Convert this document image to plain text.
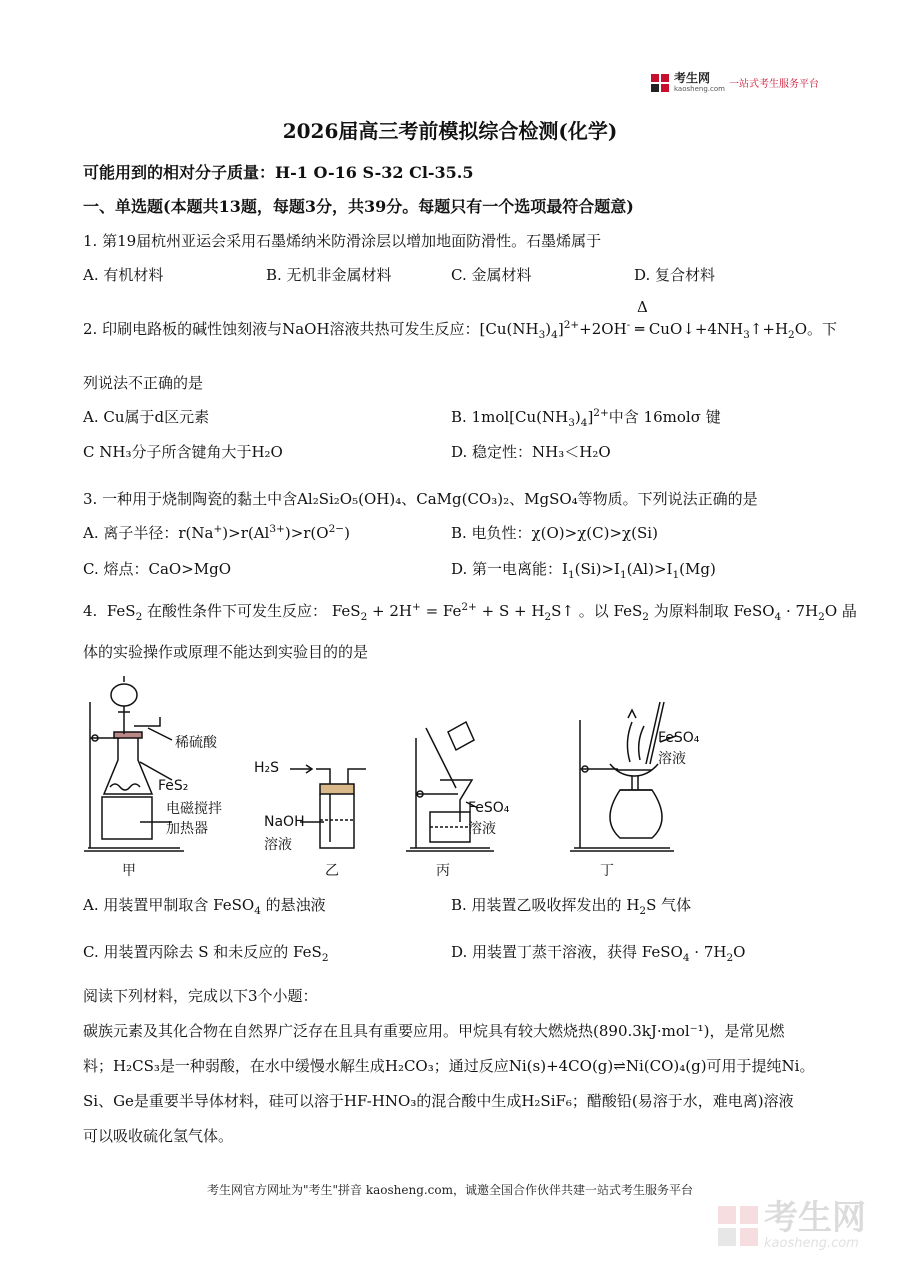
考生网
kaosheng.com 一站式考生服务平台
2026届高三考前模拟综合检测(化学)
可能用到的相对分子质量：H-1 O-16 S-32 Cl-35.5
一、单选题(本题共13题，每题3分，共39分。每题只有一个选项最符合题意)
1. 第19届杭州亚运会采用石墨烯纳米防滑涂层以增加地面防滑性。石墨烯属于
A. 有机材料	B. 无机非金属材料	C. 金属材料	D. 复合材料
2. 印刷电路板的碱性蚀刻液与NaOH溶液共热可发生反应：$[Cu(NH_3)_4]^{2+}+2OH^-$
Δ
═ $CuO↓+4NH_3↑+H_2O$。下
列说法不正确的是
A. Cu属于d区元素	B. $1mol[Cu(NH_3)_4]^{2+}$中含 16molσ 键
C NH₃分子所含键角大于H₂O	D. 稳定性：NH₃＜H₂O
3. 一种用于烧制陶瓷的黏土中含Al₂Si₂O₅(OH)₄、CaMg(CO₃)₂、MgSO₄等物质。下列说法正确的是
A. 离子半径：$r(Na^+)>r(Al^{3+})>r(O^{2-})$	B. 电负性：χ(O)>χ(C)>χ(Si)
C. 熔点：CaO>MgO	D. 第一电离能：$I_1(Si)>I_1(Al)>I_1(Mg)$
4.  FeS$_2$ 在酸性条件下可发生反应： $FeS_2 + 2H^+ = Fe^{2+} + S$ + $H_2S↑$ 。以 FeS$_2$ 为原料制取 FeSO$_4$ · $7H_2O$ 晶
体的实验操作或原理不能达到实验目的的是
稀硫酸
FeS₂
电磁搅拌
加热器
H₂S
NaOH
溶液
FeSO₄
溶液
FeSO₄
溶液
甲	乙	丙	丁
A. 用装置甲制取含 FeSO$_4$ 的悬浊液	B. 用装置乙吸收挥发出的 $H_2S$ 气体
C. 用装置丙除去 S 和未反应的 FeS$_2$	D. 用装置丁蒸干溶液，获得 FeSO$_4$ · $7H_2O$
阅读下列材料，完成以下3个小题：
碳族元素及其化合物在自然界广泛存在且具有重要应用。甲烷具有较大燃烧热(890.3kJ·mol⁻¹)，是常见燃
料；H₂CS₃是一种弱酸，在水中缓慢水解生成H₂CO₃；通过反应Ni(s)+4CO(g)⇌Ni(CO)₄(g)可用于提纯Ni。
Si、Ge是重要半导体材料，硅可以溶于HF-HNO₃的混合酸中生成H₂SiF₆；醋酸铅(易溶于水，难电离)溶液
可以吸收硫化氢气体。
考生网官方网址为"考生"拼音 kaosheng.com，诚邀全国合作伙伴共建一站式考生服务平台
考生网
kaosheng.com
